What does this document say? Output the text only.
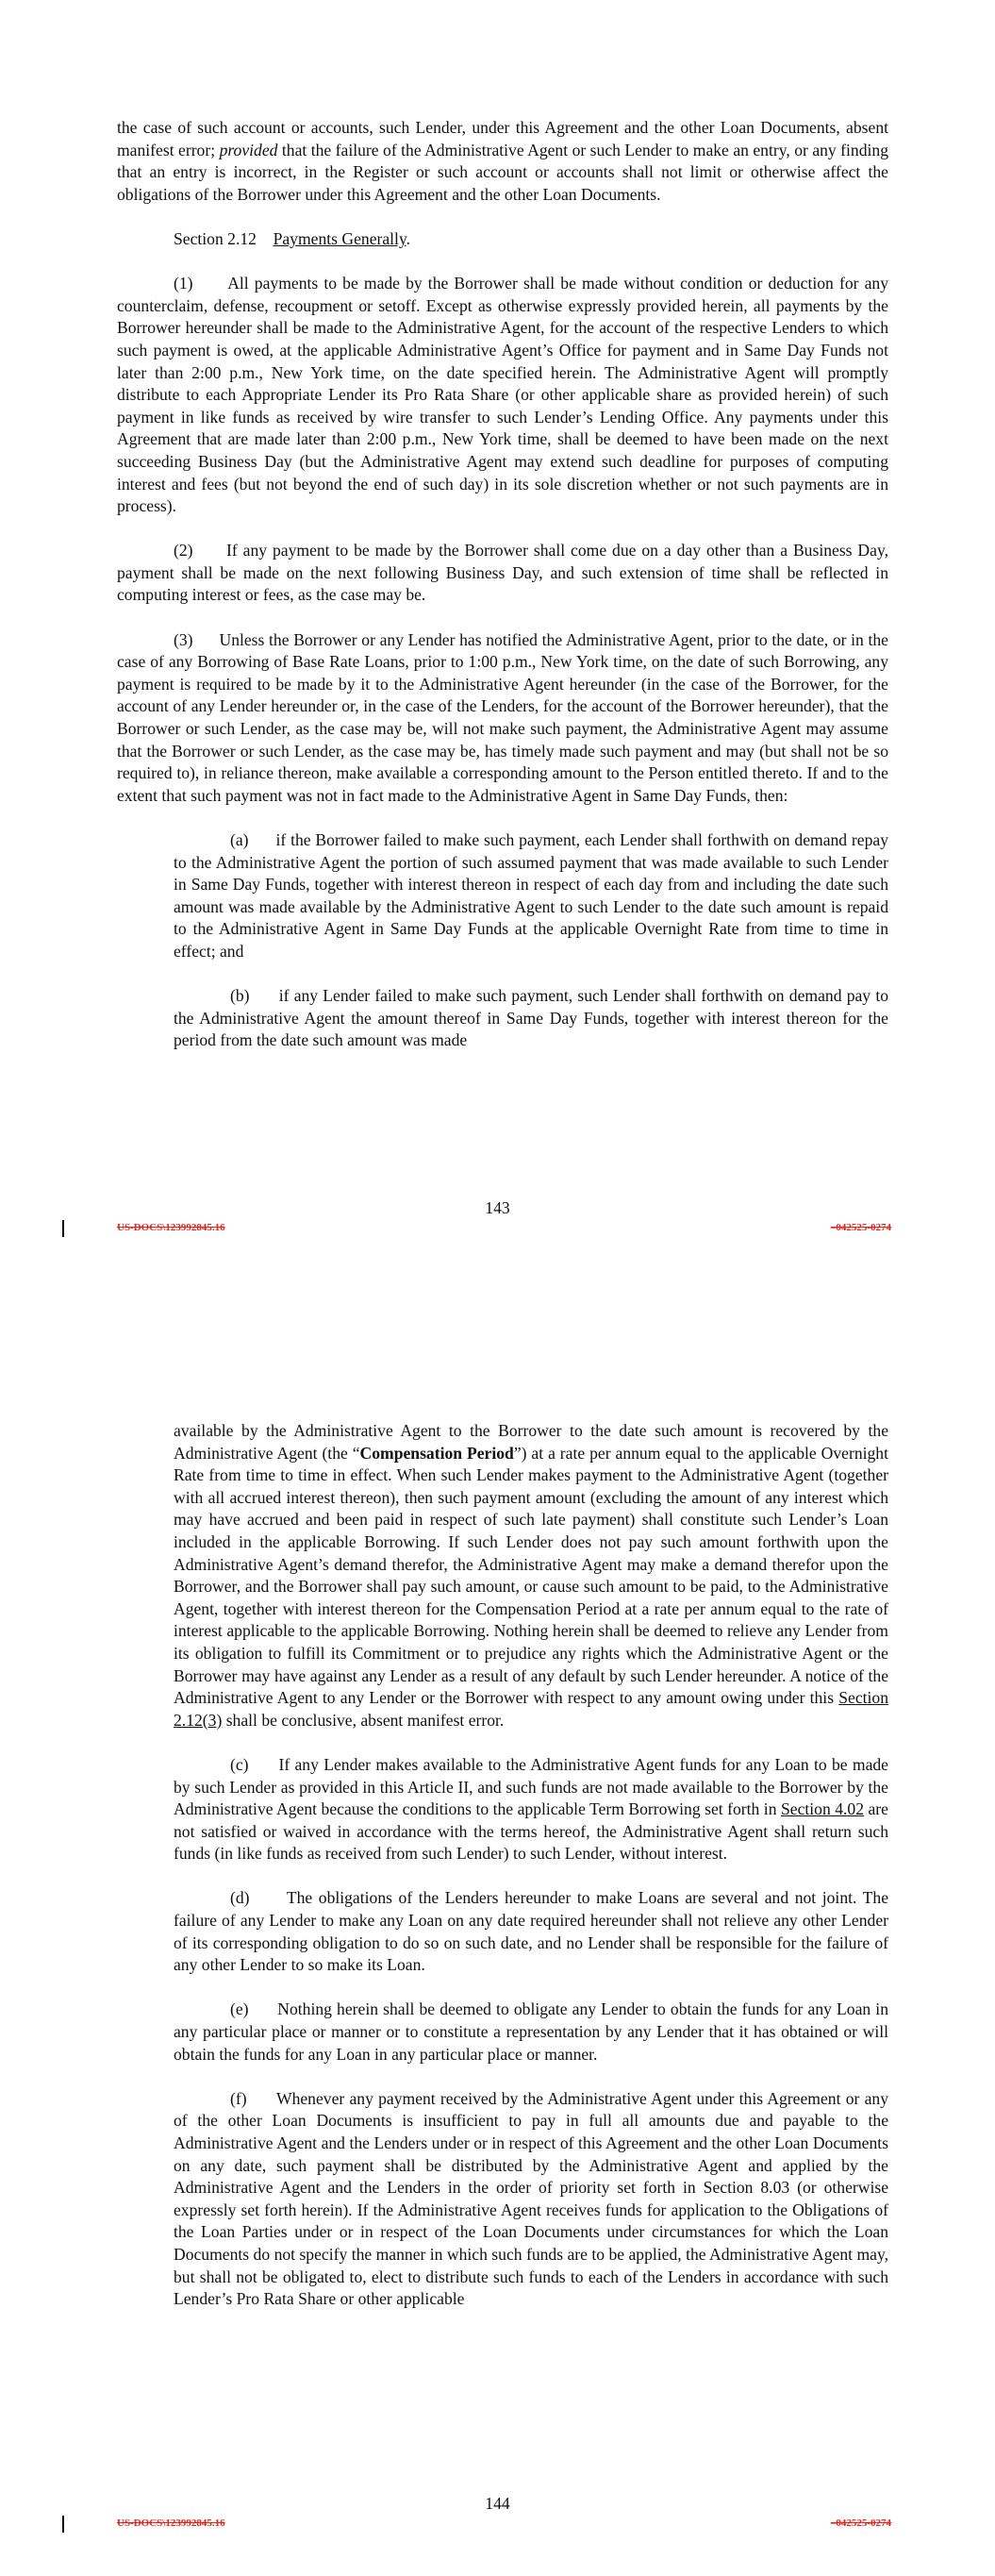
the case of such account or accounts, such Lender, under this Agreement and the other Loan Documents, absent manifest error; provided that the failure of the Administrative Agent or such Lender to make an entry, or any finding that an entry is incorrect, in the Register or such account or accounts shall not limit or otherwise affect the obligations of the Borrower under this Agreement and the other Loan Documents.

Section 2.12 Payments Generally.

(1)      All payments to be made by the Borrower shall be made without condition or deduction for any counterclaim, defense, recoupment or setoff. Except as otherwise expressly provided herein, all payments by the Borrower hereunder shall be made to the Administrative Agent, for the account of the respective Lenders to which such payment is owed, at the applicable Administrative Agent’s Office for payment and in Same Day Funds not later than 2:00 p.m., New York time, on the date specified herein. The Administrative Agent will promptly distribute to each Appropriate Lender its Pro Rata Share (or other applicable share as provided herein) of such payment in like funds as received by wire transfer to such Lender’s Lending Office. Any payments under this Agreement that are made later than 2:00 p.m., New York time, shall be deemed to have been made on the next succeeding Business Day (but the Administrative Agent may extend such deadline for purposes of computing interest and fees (but not beyond the end of such day) in its sole discretion whether or not such payments are in process).

(2)      If any payment to be made by the Borrower shall come due on a day other than a Business Day, payment shall be made on the next following Business Day, and such extension of time shall be reflected in computing interest or fees, as the case may be.

(3)      Unless the Borrower or any Lender has notified the Administrative Agent, prior to the date, or in the case of any Borrowing of Base Rate Loans, prior to 1:00 p.m., New York time, on the date of such Borrowing, any payment is required to be made by it to the Administrative Agent hereunder (in the case of the Borrower, for the account of any Lender hereunder or, in the case of the Lenders, for the account of the Borrower hereunder), that the Borrower or such Lender, as the case may be, will not make such payment, the Administrative Agent may assume that the Borrower or such Lender, as the case may be, has timely made such payment and may (but shall not be so required to), in reliance thereon, make available a corresponding amount to the Person entitled thereto. If and to the extent that such payment was not in fact made to the Administrative Agent in Same Day Funds, then:

(a)      if the Borrower failed to make such payment, each Lender shall forthwith on demand repay to the Administrative Agent the portion of such assumed payment that was made available to such Lender in Same Day Funds, together with interest thereon in respect of each day from and including the date such amount was made available by the Administrative Agent to such Lender to the date such amount is repaid to the Administrative Agent in Same Day Funds at the applicable Overnight Rate from time to time in effect; and

(b)      if any Lender failed to make such payment, such Lender shall forthwith on demand pay to the Administrative Agent the amount thereof in Same Day Funds, together with interest thereon for the period from the date such amount was made

143
US-DOCS\123992845.16	–042525-0274

available by the Administrative Agent to the Borrower to the date such amount is recovered by the Administrative Agent (the “Compensation Period”) at a rate per annum equal to the applicable Overnight Rate from time to time in effect. When such Lender makes payment to the Administrative Agent (together with all accrued interest thereon), then such payment amount (excluding the amount of any interest which may have accrued and been paid in respect of such late payment) shall constitute such Lender’s Loan included in the applicable Borrowing. If such Lender does not pay such amount forthwith upon the Administrative Agent’s demand therefor, the Administrative Agent may make a demand therefor upon the Borrower, and the Borrower shall pay such amount, or cause such amount to be paid, to the Administrative Agent, together with interest thereon for the Compensation Period at a rate per annum equal to the rate of interest applicable to the applicable Borrowing. Nothing herein shall be deemed to relieve any Lender from its obligation to fulfill its Commitment or to prejudice any rights which the Administrative Agent or the Borrower may have against any Lender as a result of any default by such Lender hereunder. A notice of the Administrative Agent to any Lender or the Borrower with respect to any amount owing under this Section 2.12(3) shall be conclusive, absent manifest error.

(c)      If any Lender makes available to the Administrative Agent funds for any Loan to be made by such Lender as provided in this Article II, and such funds are not made available to the Borrower by the Administrative Agent because the conditions to the applicable Term Borrowing set forth in Section 4.02 are not satisfied or waived in accordance with the terms hereof, the Administrative Agent shall return such funds (in like funds as received from such Lender) to such Lender, without interest.

(d)      The obligations of the Lenders hereunder to make Loans are several and not joint. The failure of any Lender to make any Loan on any date required hereunder shall not relieve any other Lender of its corresponding obligation to do so on such date, and no Lender shall be responsible for the failure of any other Lender to so make its Loan.

(e)      Nothing herein shall be deemed to obligate any Lender to obtain the funds for any Loan in any particular place or manner or to constitute a representation by any Lender that it has obtained or will obtain the funds for any Loan in any particular place or manner.

(f)      Whenever any payment received by the Administrative Agent under this Agreement or any of the other Loan Documents is insufficient to pay in full all amounts due and payable to the Administrative Agent and the Lenders under or in respect of this Agreement and the other Loan Documents on any date, such payment shall be distributed by the Administrative Agent and applied by the Administrative Agent and the Lenders in the order of priority set forth in Section 8.03 (or otherwise expressly set forth herein). If the Administrative Agent receives funds for application to the Obligations of the Loan Parties under or in respect of the Loan Documents under circumstances for which the Loan Documents do not specify the manner in which such funds are to be applied, the Administrative Agent may, but shall not be obligated to, elect to distribute such funds to each of the Lenders in accordance with such Lender’s Pro Rata Share or other applicable

144
US-DOCS\123992845.16	–042525-0274
